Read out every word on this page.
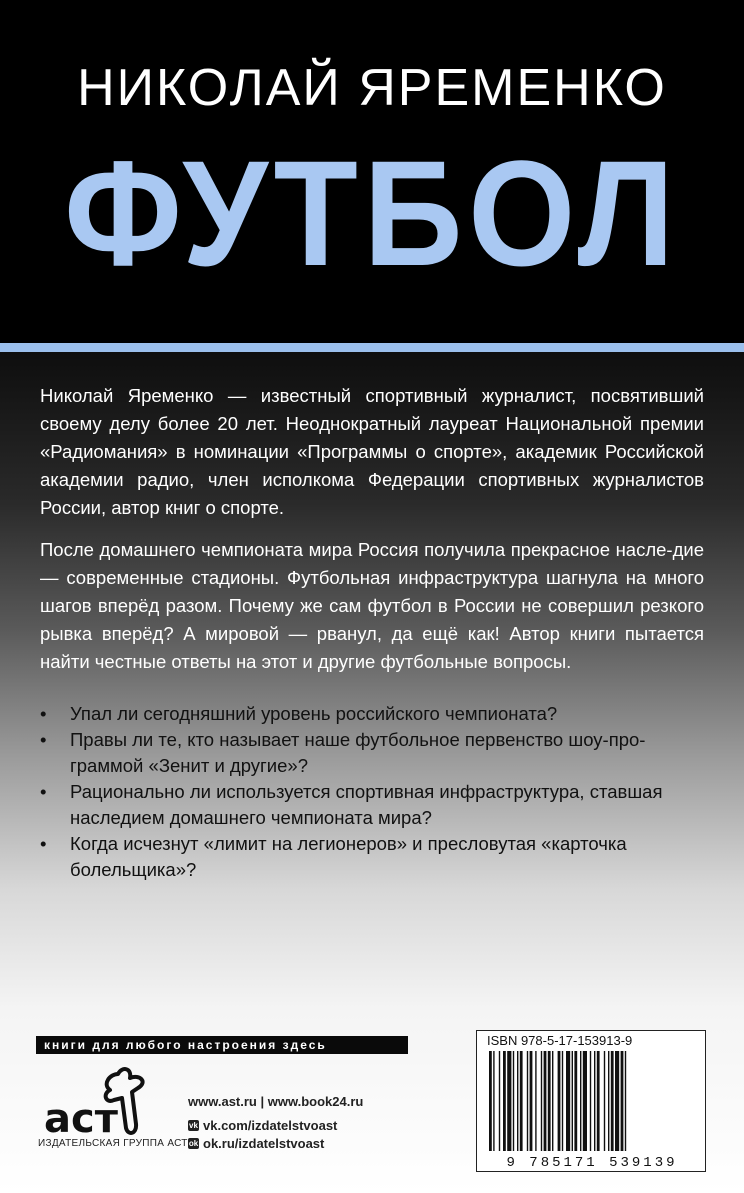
НИКОЛАЙ ЯРЕМЕНКО
ФУТБОЛ

Николай Яременко — известный спортивный журналист, посвятивший своему делу более 20 лет. Неоднократный лауреат Национальной премии «Радиомания» в номинации «Программы о спорте», академик Российской академии радио, член исполкома Федерации спортивных журналистов России, автор книг о спорте.

После домашнего чемпионата мира Россия получила прекрасное насле-дие — современные стадионы. Футбольная инфраструктура шагнула на много шагов вперёд разом. Почему же сам футбол в России не совершил резкого рывка вперёд? А мировой — рванул, да ещё как! Автор книги пытается найти честные ответы на этот и другие футбольные вопросы.

• Упал ли сегодняшний уровень российского чемпионата?
• Правы ли те, кто называет наше футбольное первенство шоу-про-граммой «Зенит и другие»?
• Рационально ли используется спортивная инфраструктура, ставшая наследием домашнего чемпионата мира?
• Когда исчезнут «лимит на легионеров» и пресловутая «карточка болельщика»?
книги для любого настроения здесь
аст
ИЗДАТЕЛЬСКАЯ ГРУППА АСТ
www.ast.ru | www.book24.ru
vk vk.com/izdatelstvoast
ok ok.ru/izdatelstvoast
ISBN 978-5-17-153913-9
9 785171 539139
